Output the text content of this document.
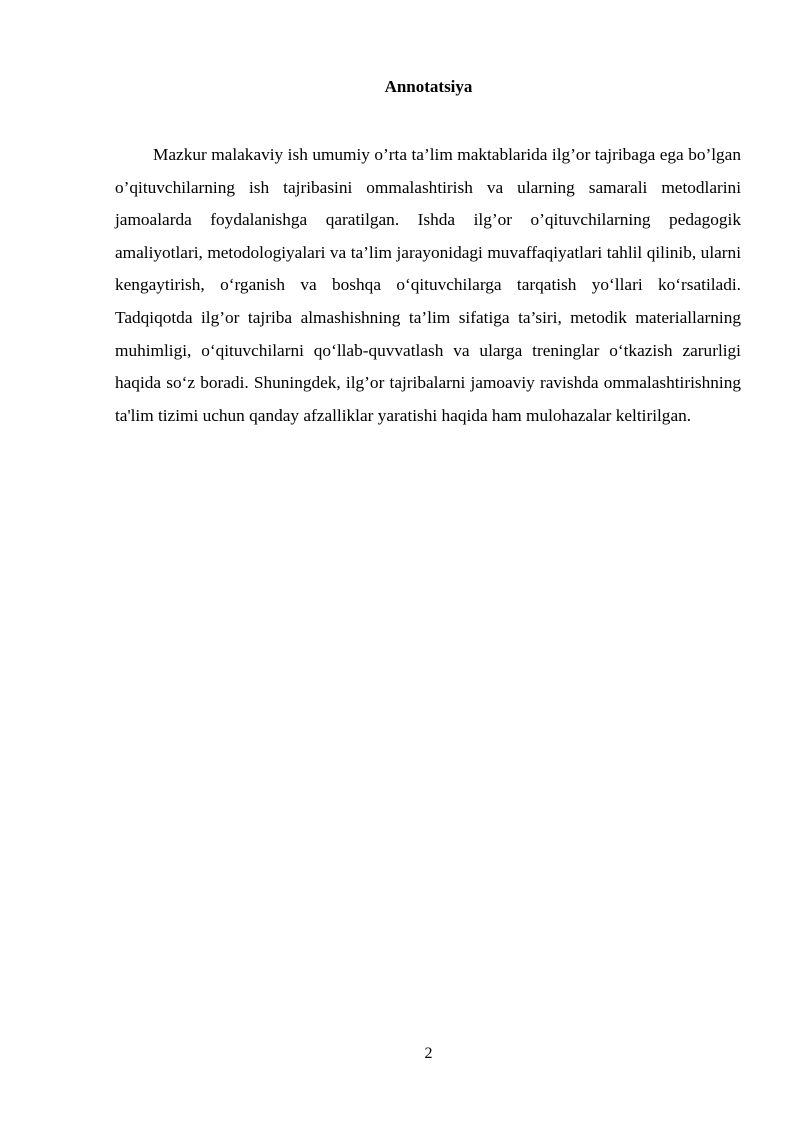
Annotatsiya

Mazkur malakaviy ish umumiy o’rta ta’lim maktablarida ilg’or tajribaga ega bo’lgan o’qituvchilarning ish tajribasini ommalashtirish va ularning samarali metodlarini jamoalarda foydalanishga qaratilgan. Ishda ilg’or o’qituvchilarning pedagogik amaliyotlari, metodologiyalari va ta’lim jarayonidagi muvaffaqiyatlari tahlil qilinib, ularni kengaytirish, o‘rganish va boshqa o‘qituvchilarga tarqatish yo‘llari ko‘rsatiladi. Tadqiqotda ilg’or tajriba almashishning ta’lim sifatiga ta’siri, metodik materiallarning muhimligi, o‘qituvchilarni qo‘llab-quvvatlash va ularga treninglar o‘tkazish zarurligi haqida so‘z boradi. Shuningdek, ilg’or tajribalarni jamoaviy ravishda ommalashtirishning ta'lim tizimi uchun qanday afzalliklar yaratishi haqida ham mulohazalar keltirilgan.

2
